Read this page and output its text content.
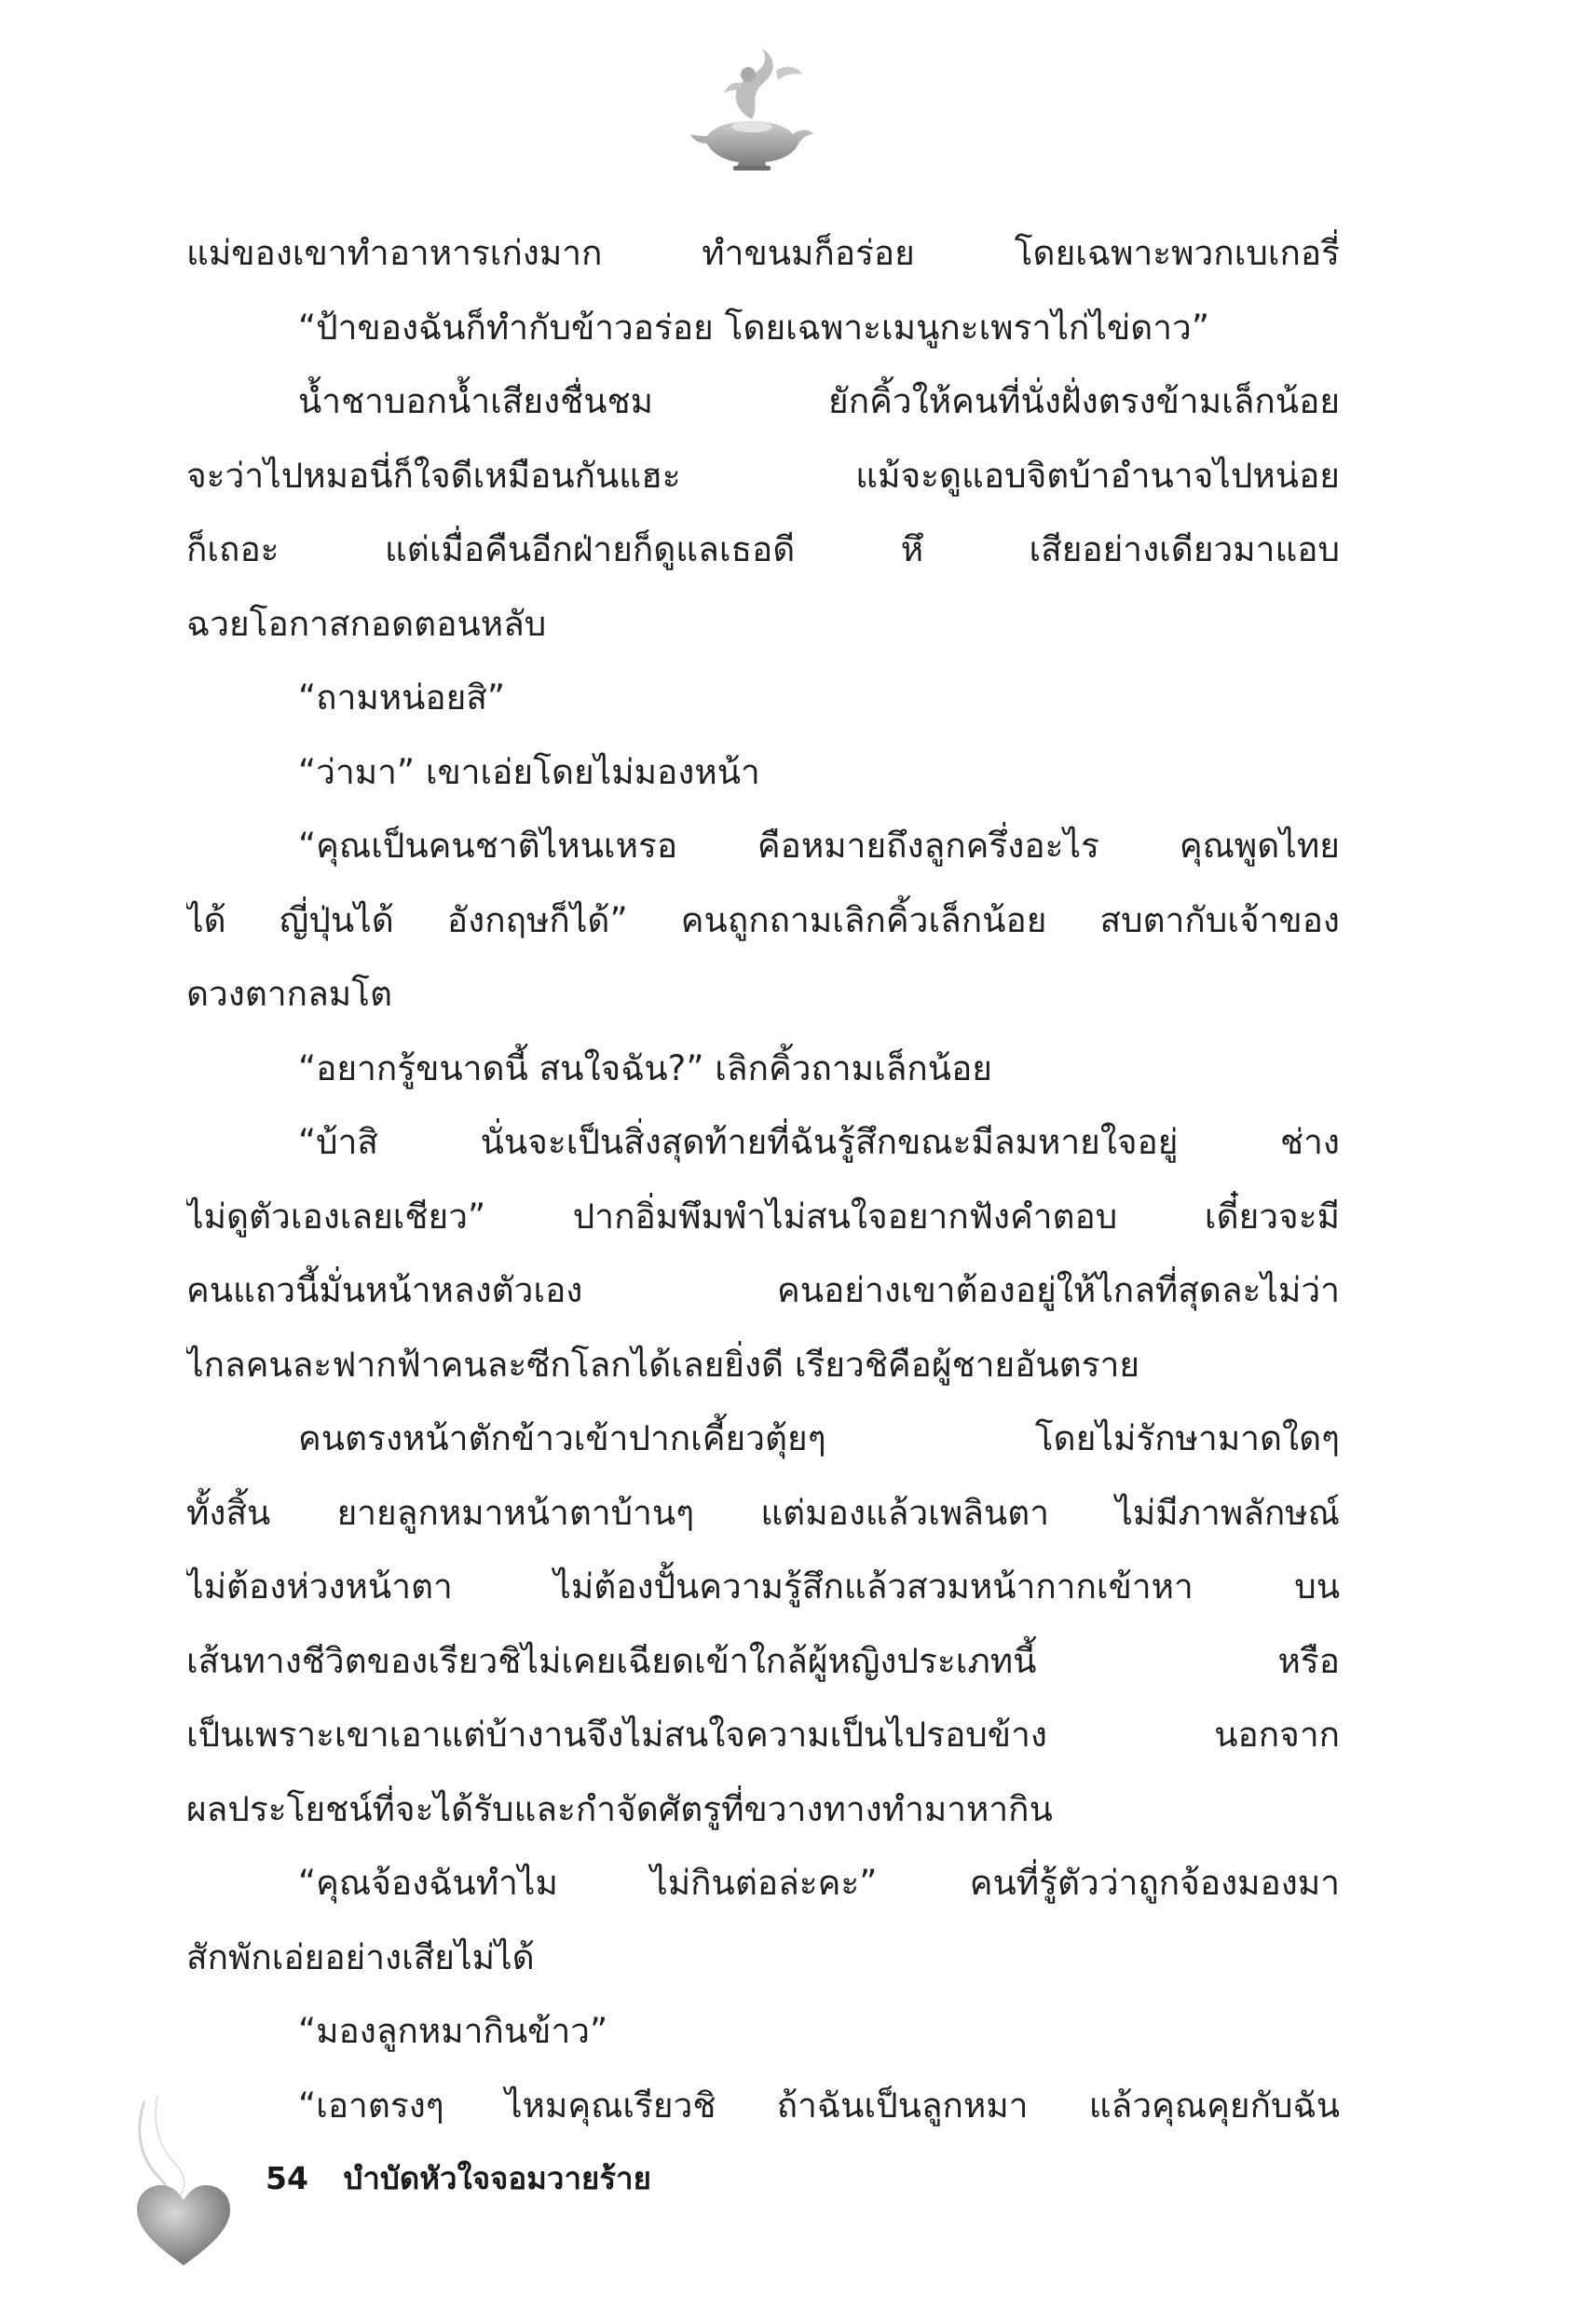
แม่ของเขาทำอาหารเก่งมาก ทำขนมก็อร่อย โดยเฉพาะพวกเบเกอรี่
“ป้าของฉันก็ทำกับข้าวอร่อย โดยเฉพาะเมนูกะเพราไก่ไข่ดาว”
น้ำชาบอกน้ำเสียงชื่นชม ยักคิ้วให้คนที่นั่งฝั่งตรงข้ามเล็กน้อย
จะว่าไปหมอนี่ก็ใจดีเหมือนกันแฮะ แม้จะดูแอบจิตบ้าอำนาจไปหน่อย
ก็เถอะ แต่เมื่อคืนอีกฝ่ายก็ดูแลเธอดี หึ เสียอย่างเดียวมาแอบ
ฉวยโอกาสกอดตอนหลับ
“ถามหน่อยสิ”
“ว่ามา” เขาเอ่ยโดยไม่มองหน้า
“คุณเป็นคนชาติไหนเหรอ คือหมายถึงลูกครึ่งอะไร คุณพูดไทย
ได้ ญี่ปุ่นได้ อังกฤษก็ได้” คนถูกถามเลิกคิ้วเล็กน้อย สบตากับเจ้าของ
ดวงตากลมโต
“อยากรู้ขนาดนี้ สนใจฉัน?” เลิกคิ้วถามเล็กน้อย
“บ้าสิ นั่นจะเป็นสิ่งสุดท้ายที่ฉันรู้สึกขณะมีลมหายใจอยู่ ช่าง
ไม่ดูตัวเองเลยเชียว” ปากอิ่มพึมพำไม่สนใจอยากฟังคำตอบ เดี๋ยวจะมี
คนแถวนี้มั่นหน้าหลงตัวเอง คนอย่างเขาต้องอยู่ให้ไกลที่สุดละไม่ว่า
ไกลคนละฟากฟ้าคนละซีกโลกได้เลยยิ่งดี เรียวชิคือผู้ชายอันตราย
คนตรงหน้าตักข้าวเข้าปากเคี้ยวตุ้ยๆ โดยไม่รักษามาดใดๆ
ทั้งสิ้น ยายลูกหมาหน้าตาบ้านๆ แต่มองแล้วเพลินตา ไม่มีภาพลักษณ์
ไม่ต้องห่วงหน้าตา ไม่ต้องปั้นความรู้สึกแล้วสวมหน้ากากเข้าหา บน
เส้นทางชีวิตของเรียวชิไม่เคยเฉียดเข้าใกล้ผู้หญิงประเภทนี้ หรือ
เป็นเพราะเขาเอาแต่บ้างานจึงไม่สนใจความเป็นไปรอบข้าง นอกจาก
ผลประโยชน์ที่จะได้รับและกำจัดศัตรูที่ขวางทางทำมาหากิน
“คุณจ้องฉันทำไม ไม่กินต่อล่ะคะ” คนที่รู้ตัวว่าถูกจ้องมองมา
สักพักเอ่ยอย่างเสียไม่ได้
“มองลูกหมากินข้าว”
“เอาตรงๆ ไหมคุณเรียวชิ ถ้าฉันเป็นลูกหมา แล้วคุณคุยกับฉัน
54 บำบัดหัวใจจอมวายร้าย
